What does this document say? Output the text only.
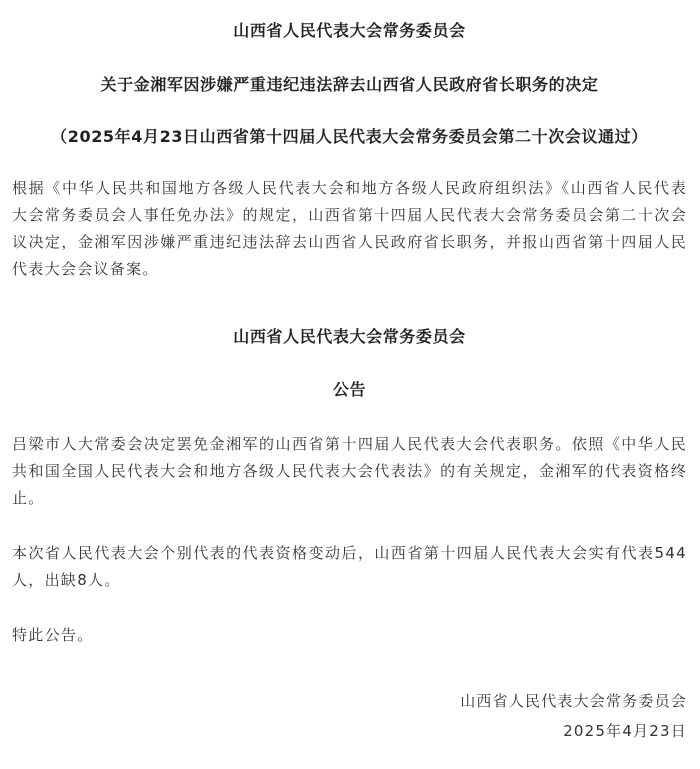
山西省人民代表大会常务委员会
关于金湘军因涉嫌严重违纪违法辞去山西省人民政府省长职务的决定
（2025年4月23日山西省第十四届人民代表大会常务委员会第二十次会议通过）

根据《中华人民共和国地方各级人民代表大会和地方各级人民政府组织法》《山西省人民代表大会常务委员会人事任免办法》的规定，山西省第十四届人民代表大会常务委员会第二十次会议决定，金湘军因涉嫌严重违纪违法辞去山西省人民政府省长职务，并报山西省第十四届人民代表大会会议备案。

山西省人民代表大会常务委员会
公告

吕梁市人大常委会决定罢免金湘军的山西省第十四届人民代表大会代表职务。依照《中华人民共和国全国人民代表大会和地方各级人民代表大会代表法》的有关规定，金湘军的代表资格终止。

本次省人民代表大会个别代表的代表资格变动后，山西省第十四届人民代表大会实有代表544人，出缺8人。

特此公告。

山西省人民代表大会常务委员会
2025年4月23日
